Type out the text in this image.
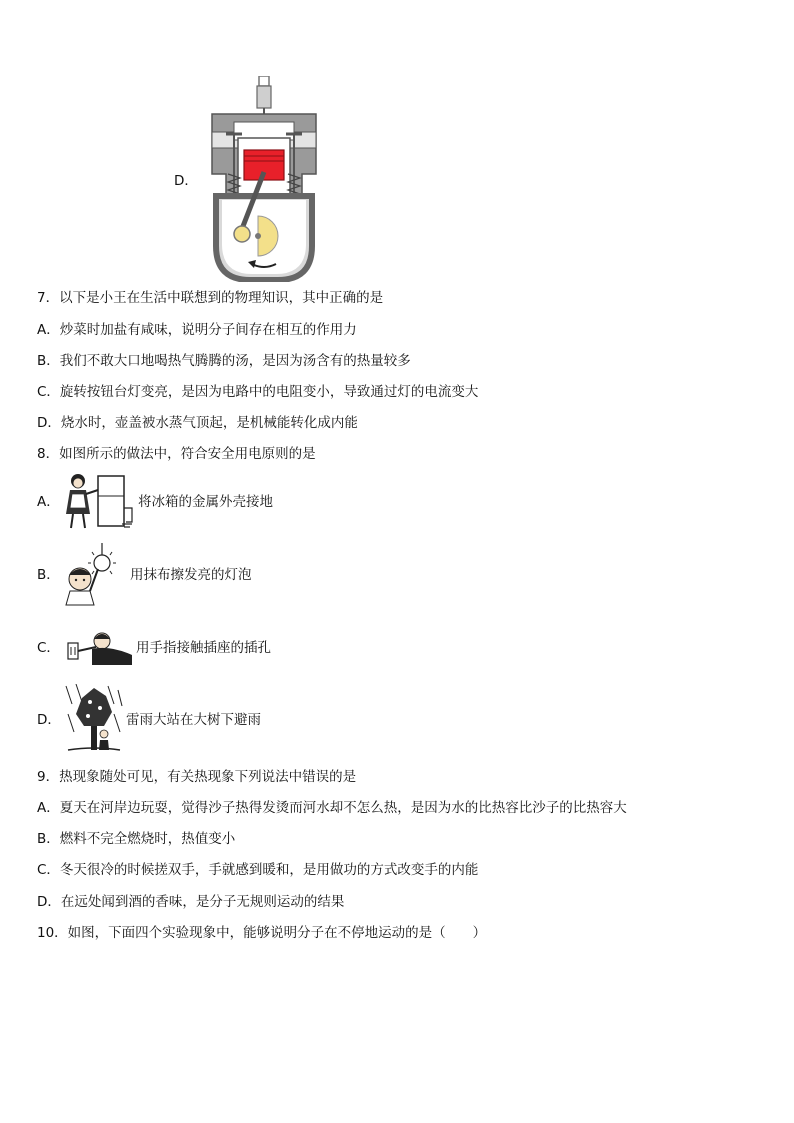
D．
7．以下是小王在生活中联想到的物理知识，其中正确的是
A．炒菜时加盐有咸味，说明分子间存在相互的作用力
B．我们不敢大口地喝热气腾腾的汤，是因为汤含有的热量较多
C．旋转按钮台灯变亮，是因为电路中的电阻变小，导致通过灯的电流变大
D．烧水时，壶盖被水蒸气顶起，是机械能转化成内能
8．如图所示的做法中，符合安全用电原则的是
A．	将冰箱的金属外壳接地
B．	用抹布擦发亮的灯泡
C．	用手指接触插座的插孔
D．	雷雨大站在大树下避雨
9．热现象随处可见，有关热现象下列说法中错误的是
A．夏天在河岸边玩耍，觉得沙子热得发烫而河水却不怎么热，是因为水的比热容比沙子的比热容大
B．燃料不完全燃烧时，热值变小
C．冬天很冷的时候搓双手，手就感到暖和，是用做功的方式改变手的内能
D．在远处闻到酒的香味，是分子无规则运动的结果
10．如图，下面四个实验现象中，能够说明分子在不停地运动的是（　　）
